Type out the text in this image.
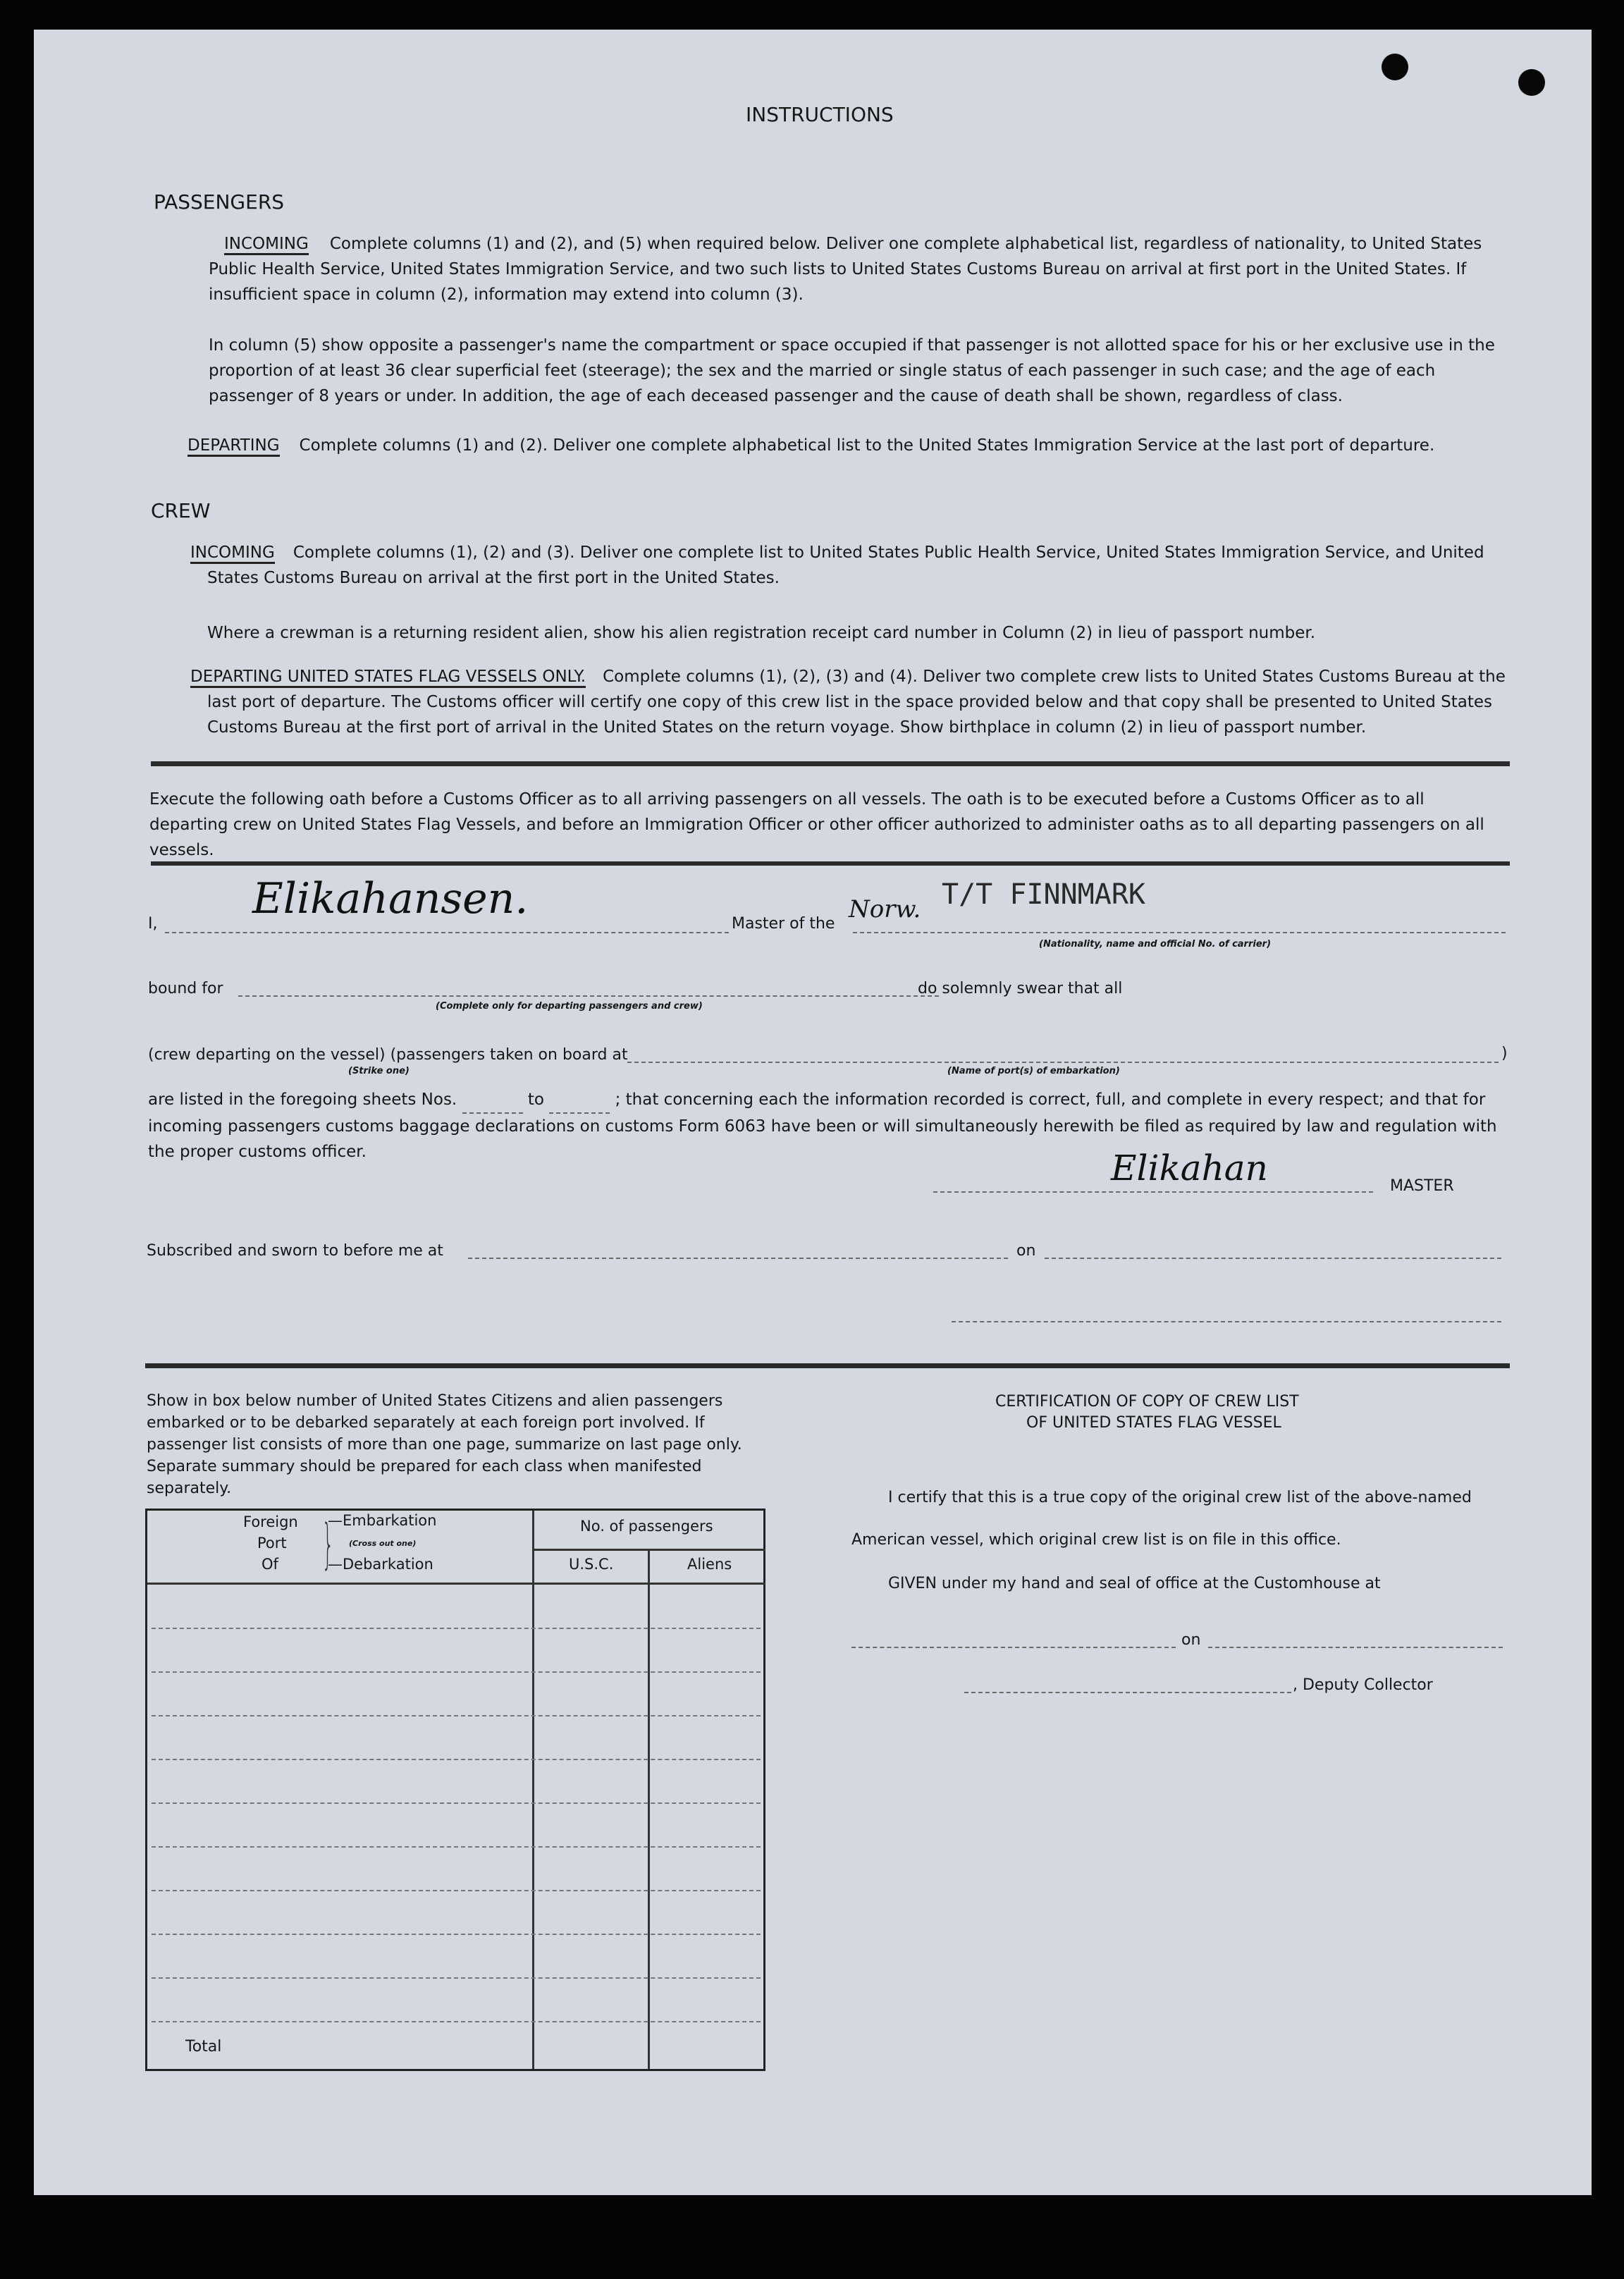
INSTRUCTIONS
PASSENGERS
INCOMING Complete columns (1) and (2), and (5) when required below. Deliver one complete alphabetical list, regardless of nationality, to United States Public Health Service, United States Immigration Service, and two such lists to United States Customs Bureau on arrival at first port in the United States. If insufficient space in column (2), information may extend into column (3).
In column (5) show opposite a passenger's name the compartment or space occupied if that passenger is not allotted space for his or her exclusive use in the proportion of at least 36 clear superficial feet (steerage); the sex and the married or single status of each passenger in such case; and the age of each passenger of 8 years or under. In addition, the age of each deceased passenger and the cause of death shall be shown, regardless of class.
DEPARTING Complete columns (1) and (2). Deliver one complete alphabetical list to the United States Immigration Service at the last port of departure.
CREW
INCOMING Complete columns (1), (2) and (3). Deliver one complete list to United States Public Health Service, United States Immigration Service, and United States Customs Bureau on arrival at the first port in the United States.
Where a crewman is a returning resident alien, show his alien registration receipt card number in Column (2) in lieu of passport number.
DEPARTING UNITED STATES FLAG VESSELS ONLY. Complete columns (1), (2), (3) and (4). Deliver two complete crew lists to United States Customs Bureau at the last port of departure. The Customs officer will certify one copy of this crew list in the space provided below and that copy shall be presented to United States Customs Bureau at the first port of arrival in the United States on the return voyage. Show birthplace in column (2) in lieu of passport number.
Execute the following oath before a Customs Officer as to all arriving passengers on all vessels. The oath is to be executed before a Customs Officer as to all departing crew on United States Flag Vessels, and before an Immigration Officer or other officer authorized to administer oaths as to all departing passengers on all vessels.
I,
Elikahansen.
Master of the
Norw. T/T FINNMARK
(Nationality, name and official No. of carrier)
bound for
(Complete only for departing passengers and crew)
do solemnly swear that all
(crew departing on the vessel) (passengers taken on board at	)
(Strike one)	(Name of port(s) of embarkation)
are listed in the foregoing sheets Nos.	to	; that concerning each the information recorded is correct, full, and complete in every respect; and that for incoming passengers customs baggage declarations on customs Form 6063 have been or will simultaneously herewith be filed as required by law and regulation with the proper customs officer.	Elikahan	MASTER
Subscribed and sworn to before me at	on
Show in box below number of United States Citizens and alien passengers embarked or to be debarked separately at each foreign port involved. If passenger list consists of more than one page, summarize on last page only. Separate summary should be prepared for each class when manifested separately.
Foreign
Port
Of }
—Embarkation
(Cross out one)
—Debarkation
No. of passengers
U.S.C.	Aliens
Total
CERTIFICATION OF COPY OF CREW LIST
OF UNITED STATES FLAG VESSEL
I certify that this is a true copy of the original crew list of the above-named
American vessel, which original crew list is on file in this office.
GIVEN under my hand and seal of office at the Customhouse at
on
, Deputy Collector
